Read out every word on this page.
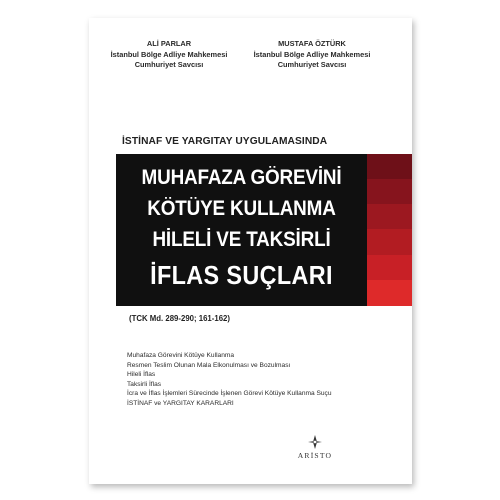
ALİ PARLAR
İstanbul Bölge Adliye Mahkemesi
Cumhuriyet Savcısı
MUSTAFA ÖZTÜRK
İstanbul Bölge Adliye Mahkemesi
Cumhuriyet Savcısı
İSTİNAF VE YARGITAY UYGULAMASINDA
MUHAFAZA GÖREVİNİ
KÖTÜYE KULLANMA
HİLELİ VE TAKSİRLİ
İFLAS SUÇLARI
(TCK Md. 289-290; 161-162)
Muhafaza Görevini Kötüye Kullanma
Resmen Teslim Olunan Mala Elkonulması ve Bozulması
Hileli İflas
Taksirli İflas
İcra ve İflas İşlemleri Sürecinde İşlenen Görevi Kötüye Kullanma Suçu
İSTİNAF ve YARGITAY KARARLARI
ARİSTO
